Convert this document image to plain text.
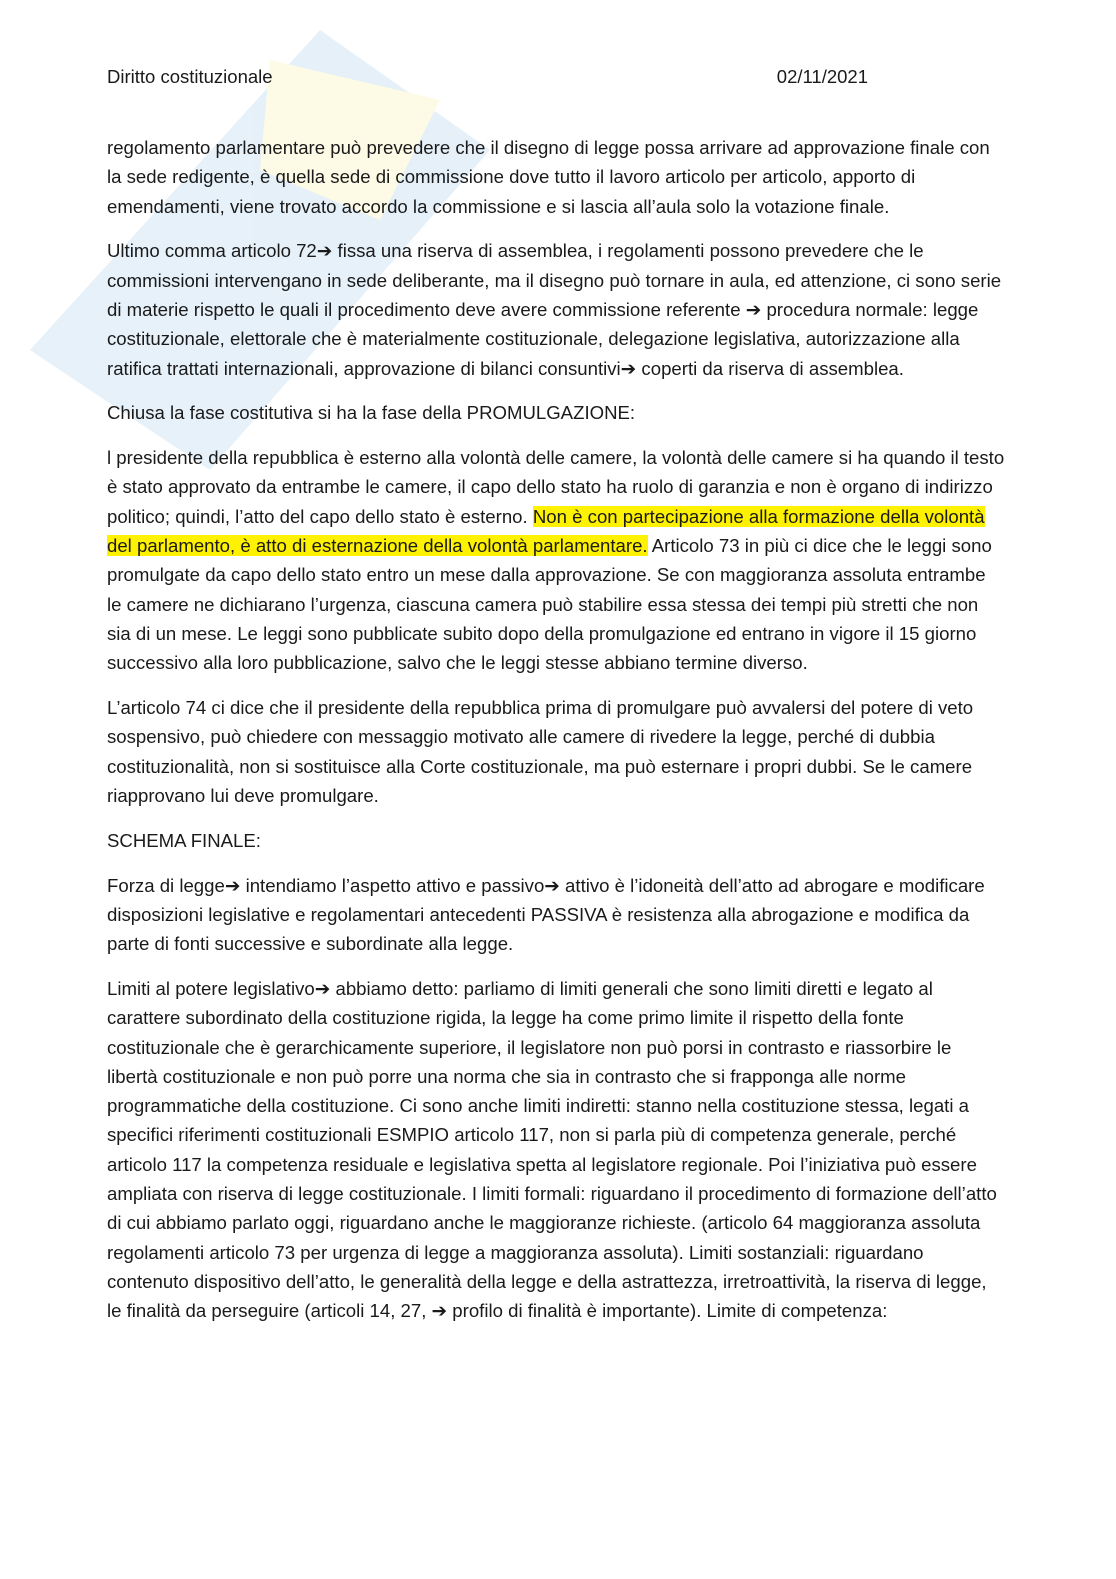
Diritto costituzionale	02/11/2021

regolamento parlamentare può prevedere che il disegno di legge possa arrivare ad approvazione finale con la sede redigente, è quella sede di commissione dove tutto il lavoro articolo per articolo, apporto di emendamenti, viene trovato accordo la commissione e si lascia all’aula solo la votazione finale.

Ultimo comma articolo 72➔ fissa una riserva di assemblea, i regolamenti possono prevedere che le commissioni intervengano in sede deliberante, ma il disegno può tornare in aula, ed attenzione, ci sono serie di materie rispetto le quali il procedimento deve avere commissione referente ➔ procedura normale: legge costituzionale, elettorale che è materialmente costituzionale, delegazione legislativa, autorizzazione alla ratifica trattati internazionali, approvazione di bilanci consuntivi➔ coperti da riserva di assemblea.

Chiusa la fase costitutiva si ha la fase della PROMULGAZIONE:

l presidente della repubblica è esterno alla volontà delle camere, la volontà delle camere si ha quando il testo è stato approvato da entrambe le camere, il capo dello stato ha ruolo di garanzia e non è organo di indirizzo politico; quindi, l’atto del capo dello stato è esterno. Non è con partecipazione alla formazione della volontà del parlamento, è atto di esternazione della volontà parlamentare. Articolo 73 in più ci dice che le leggi sono promulgate da capo dello stato entro un mese dalla approvazione. Se con maggioranza assoluta entrambe le camere ne dichiarano l’urgenza, ciascuna camera può stabilire essa stessa dei tempi più stretti che non sia di un mese. Le leggi sono pubblicate subito dopo della promulgazione ed entrano in vigore il 15 giorno successivo alla loro pubblicazione, salvo che le leggi stesse abbiano termine diverso.

L’articolo 74 ci dice che il presidente della repubblica prima di promulgare può avvalersi del potere di veto sospensivo, può chiedere con messaggio motivato alle camere di rivedere la legge, perché di dubbia costituzionalità, non si sostituisce alla Corte costituzionale, ma può esternare i propri dubbi. Se le camere riapprovano lui deve promulgare.

SCHEMA FINALE:

Forza di legge➔ intendiamo l’aspetto attivo e passivo➔ attivo è l’idoneità dell’atto ad abrogare e modificare disposizioni legislative e regolamentari antecedenti PASSIVA è resistenza alla abrogazione e modifica da parte di fonti successive e subordinate alla legge.

Limiti al potere legislativo➔ abbiamo detto: parliamo di limiti generali che sono limiti diretti e legato al carattere subordinato della costituzione rigida, la legge ha come primo limite il rispetto della fonte costituzionale che è gerarchicamente superiore, il legislatore non può porsi in contrasto e riassorbire le libertà costituzionale e non può porre una norma che sia in contrasto che si frapponga alle norme programmatiche della costituzione. Ci sono anche limiti indiretti: stanno nella costituzione stessa, legati a specifici riferimenti costituzionali ESMPIO articolo 117, non si parla più di competenza generale, perché articolo 117 la competenza residuale e legislativa spetta al legislatore regionale. Poi l’iniziativa può essere ampliata con riserva di legge costituzionale. I limiti formali: riguardano il procedimento di formazione dell’atto di cui abbiamo parlato oggi, riguardano anche le maggioranze richieste. (articolo 64 maggioranza assoluta regolamenti articolo 73 per urgenza di legge a maggioranza assoluta). Limiti sostanziali: riguardano contenuto dispositivo dell’atto, le generalità della legge e della astrattezza, irretroattività, la riserva di legge, le finalità da perseguire (articoli 14, 27, ➔ profilo di finalità è importante). Limite di competenza:
